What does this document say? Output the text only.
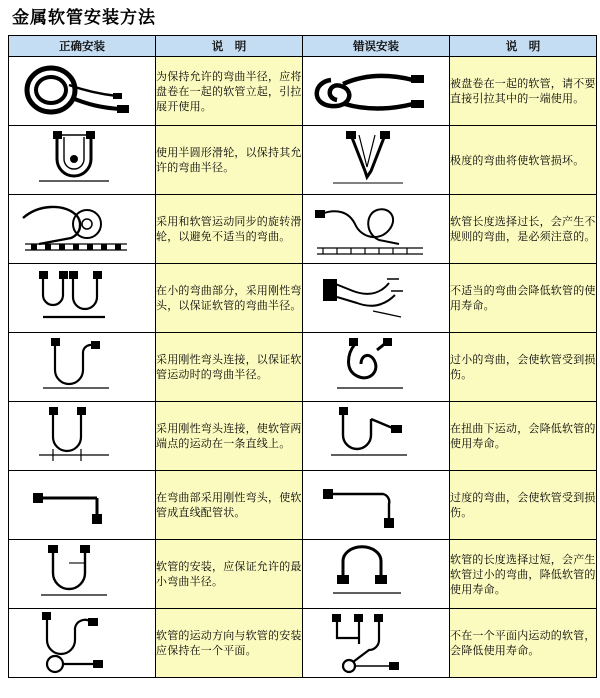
金属软管安装方法
正确安装	说　明	错误安装	说　明

	为保持允许的弯曲半径，应将盘卷在一起的软管立起，引拉展开使用。		被盘卷在一起的软管，请不要直接引拉其中的一端使用。

	使用半圆形滑轮，以保持其允许的弯曲半径。		极度的弯曲将使软管损坏。

	采用和软管运动同步的旋转滑轮，以避免不适当的弯曲。		软管长度选择过长，会产生不规则的弯曲，是必须注意的。

	在小的弯曲部分，采用刚性弯头，以保证软管的弯曲半径。		不适当的弯曲会降低软管的使用寿命。

	采用刚性弯头连接，以保证软管运动时的弯曲半径。		过小的弯曲，会使软管受到损伤。

	采用刚性弯头连接，使软管两端点的运动在一条直线上。		在扭曲下运动，会降低软管的使用寿命。

	在弯曲部采用刚性弯头，使软管成直线配管状。		过度的弯曲，会使软管受到损伤。

	软管的安装，应保证允许的最小弯曲半径。		软管的长度选择过短，会产生软管过小的弯曲，降低软管的使用寿命。

	软管的运动方向与软管的安装应保持在一个平面。		不在一个平面内运动的软管，会降低使用寿命。
